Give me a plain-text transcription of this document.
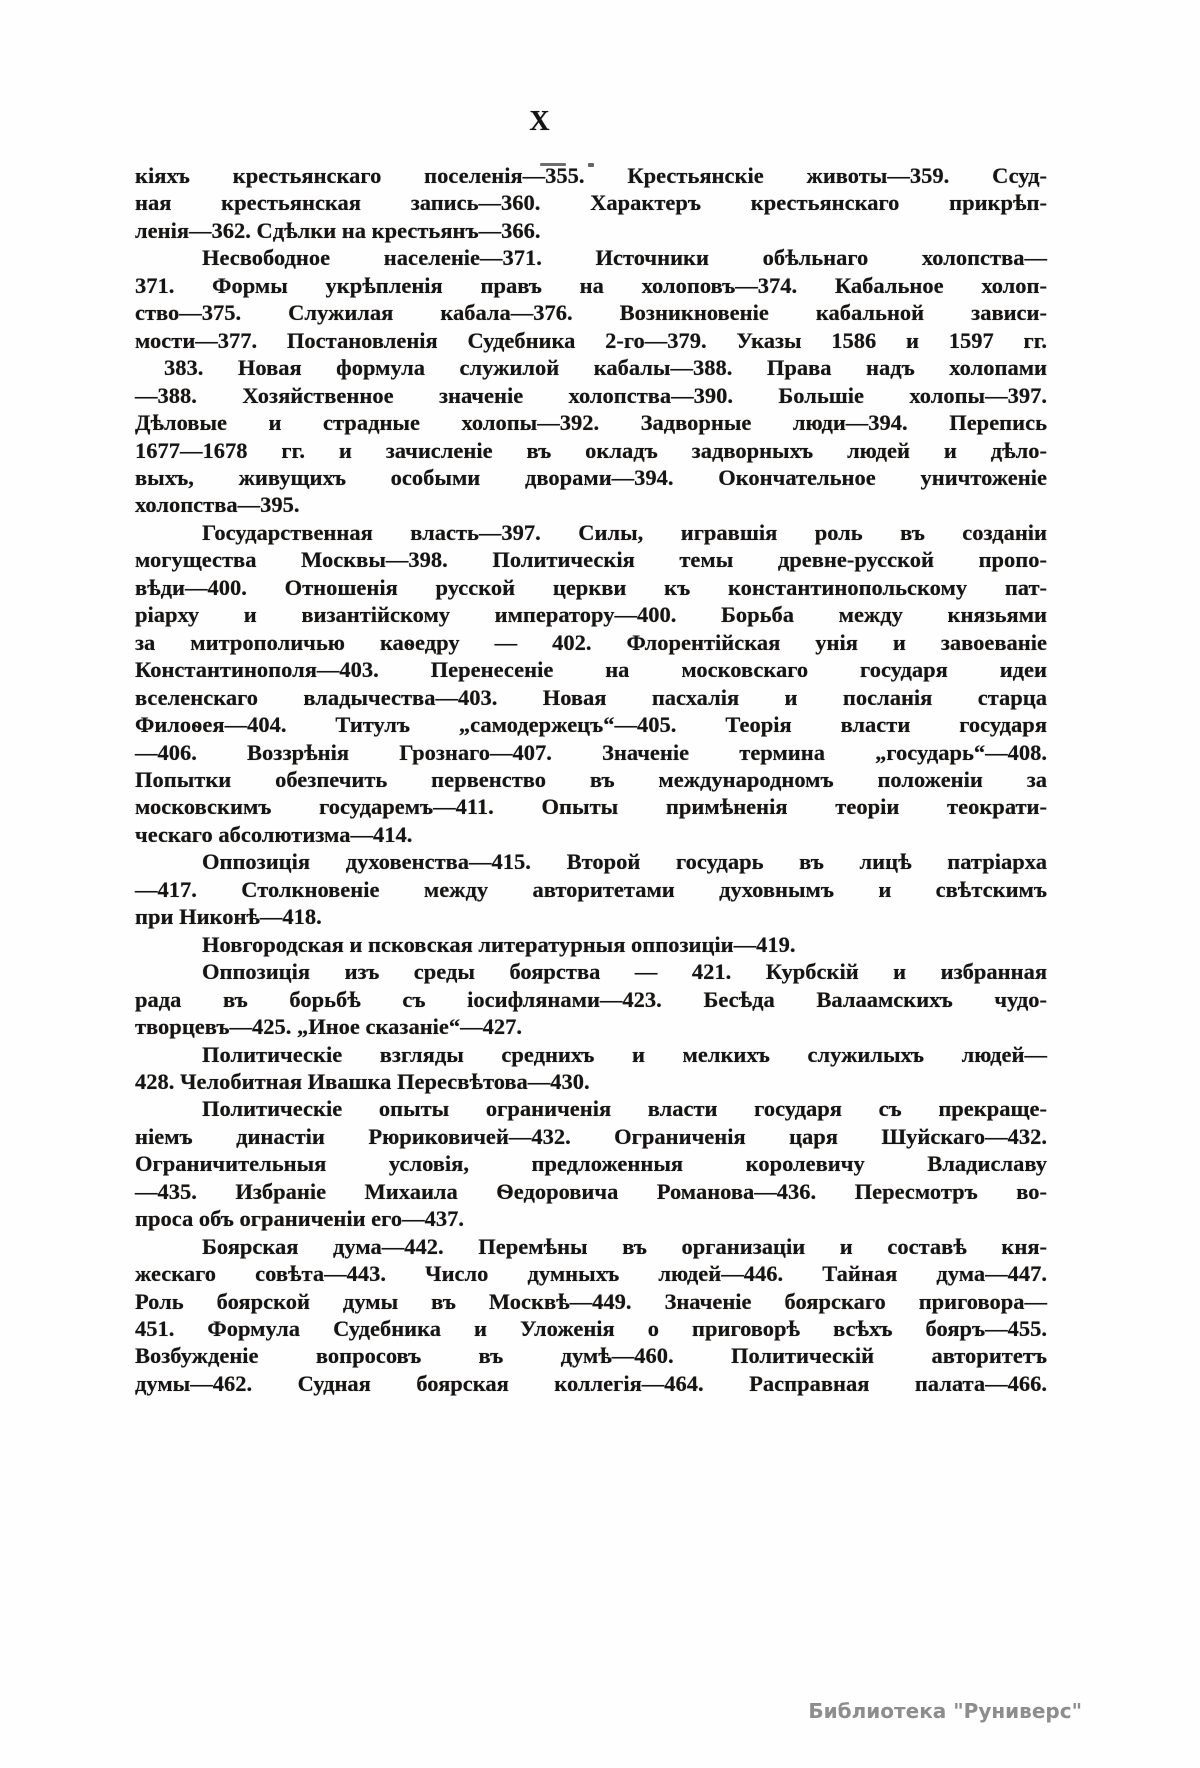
X
кіяхъ крестьянскаго поселенія—355. Крестьянскіе животы—359. Ссуд-
ная крестьянская запись—360. Характеръ крестьянскаго прикрѣп-
ленія—362. Сдѣлки на крестьянъ—366.
Несвободное населеніе—371. Источники обѣльнаго холопства—
371. Формы укрѣпленія правъ на холоповъ—374. Кабальное холоп-
ство—375. Служилая кабала—376. Возникновеніе кабальной зависи-
мости—377. Постановленія Судебника 2-го—379. Указы 1586 и 1597 гг.
383. Новая формула служилой кабалы—388. Права надъ холопами
—388. Хозяйственное значеніе холопства—390. Большіе холопы—397.
Дѣловые и страдные холопы—392. Задворные люди—394. Перепись
1677—1678 гг. и зачисленіе въ окладъ задворныхъ людей и дѣло-
выхъ, живущихъ особыми дворами—394. Окончательное уничтоженіе
холопства—395.
Государственная власть—397. Силы, игравшія роль въ созданіи
могущества Москвы—398. Политическія темы древне-русской пропо-
вѣди—400. Отношенія русской церкви къ константинопольскому пат-
ріарху и византійскому императору—400. Борьба между князьями
за митрополичью каѳедру — 402. Флорентійская унія и завоеваніе
Константинополя—403. Перенесеніе на московскаго государя идеи
вселенскаго владычества—403. Новая пасхалія и посланія старца
Филоѳея—404. Титулъ „самодержецъ“—405. Теорія власти государя
—406. Воззрѣнія Грознаго—407. Значеніе термина „государь“—408.
Попытки обезпечить первенство въ международномъ положеніи за
московскимъ государемъ—411. Опыты примѣненія теоріи теократи-
ческаго абсолютизма—414.
Оппозиція духовенства—415. Второй государь въ лицѣ патріарха
—417. Столкновеніе между авторитетами духовнымъ и свѣтскимъ
при Никонѣ—418.
Новгородская и псковская литературныя оппозиціи—419.
Оппозиція изъ среды боярства — 421. Курбскій и избранная
рада въ борьбѣ съ іосифлянами—423. Бесѣда Валаамскихъ чудо-
творцевъ—425. „Иное сказаніе“—427.
Политическіе взгляды среднихъ и мелкихъ служилыхъ людей—
428. Челобитная Ивашка Пересвѣтова—430.
Политическіе опыты ограниченія власти государя съ прекраще-
ніемъ династіи Рюриковичей—432. Ограниченія царя Шуйскаго—432.
Ограничительныя условія, предложенныя королевичу Владиславу
—435. Избраніе Михаила Ѳедоровича Романова—436. Пересмотръ во-
проса объ ограниченіи его—437.
Боярская дума—442. Перемѣны въ организаціи и составѣ кня-
жескаго совѣта—443. Число думныхъ людей—446. Тайная дума—447.
Роль боярской думы въ Москвѣ—449. Значеніе боярскаго приговора—
451. Формула Судебника и Уложенія о приговорѣ всѣхъ бояръ—455.
Возбужденіе вопросовъ въ думѣ—460. Политическій авторитетъ
думы—462. Судная боярская коллегія—464. Расправная палата—466.
Библиотека "Руниверс"
